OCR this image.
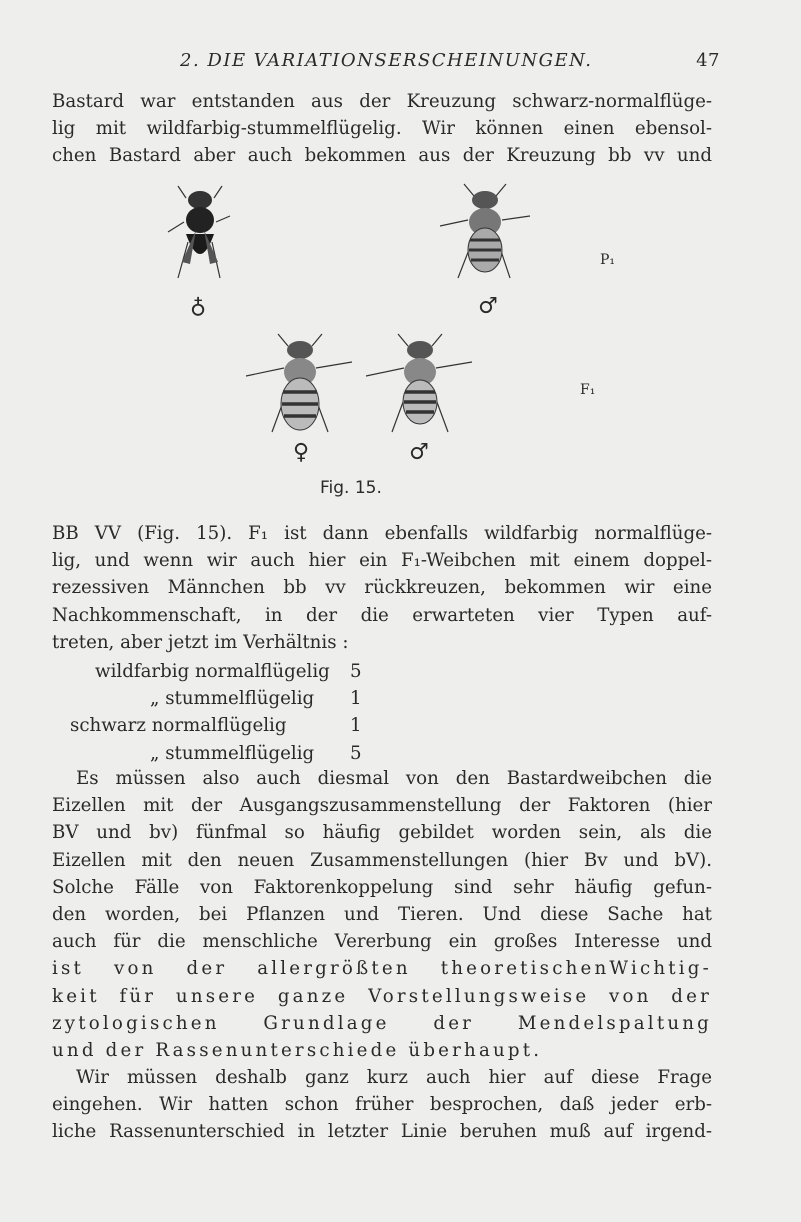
2. DIE VARIATIONSERSCHEINUNGEN.	47
Bastard war entstanden aus der Kreuzung schwarz-normalflüge-
lig mit wildfarbig-stummelflügelig. Wir können einen ebensol-
chen Bastard aber auch bekommen aus der Kreuzung bb vv und
♁
P₁
♂
♀
F₁
♂
Fig. 15.
BB VV (Fig. 15). F₁ ist dann ebenfalls wildfarbig normalflüge-
lig, und wenn wir auch hier ein F₁-Weibchen mit einem doppel-
rezessiven Männchen bb vv rückkreuzen, bekommen wir eine
Nachkommenschaft, in der die erwarteten vier Typen auf-
treten, aber jetzt im Verhältnis :
wildfarbig normalflügelig 5
„ stummelflügelig 1
schwarz normalflügelig	1
„ stummelflügelig 5
Es müssen also auch diesmal von den Bastardweibchen die
Eizellen mit der Ausgangszusammenstellung der Faktoren (hier
BV und bv) fünfmal so häufig gebildet worden sein, als die
Eizellen mit den neuen Zusammenstellungen (hier Bv und bV).
Solche Fälle von Faktorenkoppelung sind sehr häufig gefun-
den worden, bei Pflanzen und Tieren. Und diese Sache hat
auch für die menschliche Vererbung ein großes Interesse und
ist von der allergrößten theoretischenWichtig-
keit für unsere ganze Vorstellungsweise von der
zytologischen Grundlage der Mendelspaltung
und der Rassenunterschiede überhaupt.
Wir müssen deshalb ganz kurz auch hier auf diese Frage
eingehen. Wir hatten schon früher besprochen, daß jeder erb-
liche Rassenunterschied in letzter Linie beruhen muß auf irgend-
